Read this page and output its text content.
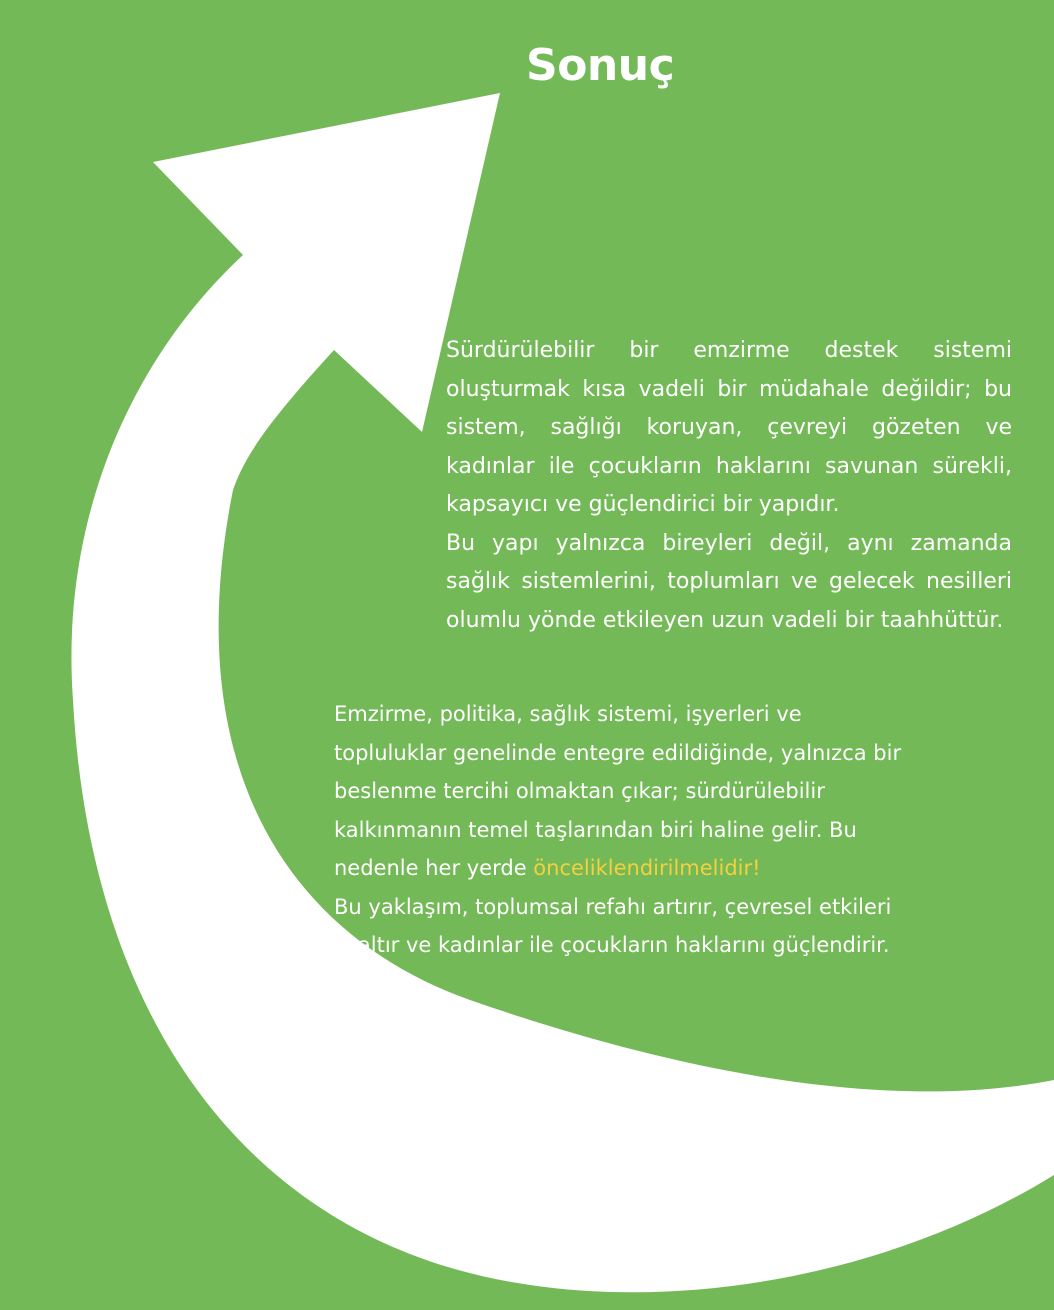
Sonuç

Sürdürülebilir bir emzirme destek sistemi oluşturmak kısa vadeli bir müdahale değildir; bu sistem, sağlığı koruyan, çevreyi gözeten ve kadınlar ile çocukların haklarını savunan sürekli, kapsayıcı ve güçlendirici bir yapıdır.

Bu yapı yalnızca bireyleri değil, aynı zamanda sağlık sistemlerini, toplumları ve gelecek nesilleri olumlu yönde etkileyen uzun vadeli bir taahhüttür.

Emzirme, politika, sağlık sistemi, işyerleri ve
topluluklar genelinde entegre edildiğinde, yalnızca bir
beslenme tercihi olmaktan çıkar; sürdürülebilir
kalkınmanın temel taşlarından biri haline gelir. Bu
nedenle her yerde önceliklendirilmelidir!
Bu yaklaşım, toplumsal refahı artırır, çevresel etkileri
azaltır ve kadınlar ile çocukların haklarını güçlendirir.
